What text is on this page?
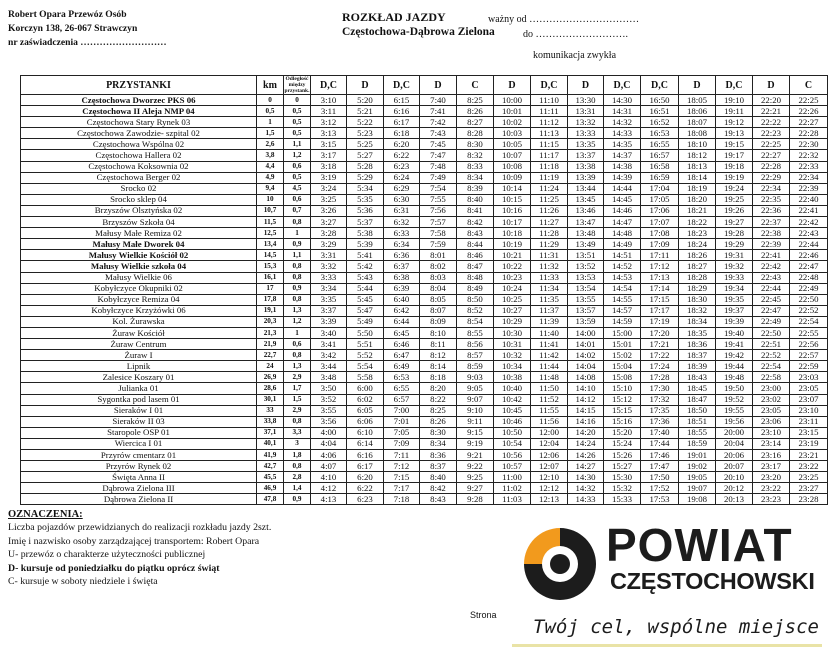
Robert Opara Przewóz Osób
Korczyn 138, 26-067 Strawczyn
nr zaświadczenia ………………………
ROZKŁAD JAZDY
Częstochowa-Dąbrowa Zielona
ważny od ……………………………
do ……………………….
komunikacja zwykła
PRZYSTANKI	km	Odległość między przystank.	D,C	D	D,C	D	C	D	D,C	D	D,C	D,C	D	D,C	D	C
Częstochowa Dworzec PKS 06	0	0	3:10	5:20	6:15	7:40	8:25	10:00	11:10	13:30	14:30	16:50	18:05	19:10	22:20	22:25
Częstochowa II Aleja NMP 04	0,5	0,5	3:11	5:21	6:16	7:41	8:26	10:01	11:11	13:31	14:31	16:51	18:06	19:11	22:21	22:26
Częstochowa Stary Rynek 03	1	0,5	3:12	5:22	6:17	7:42	8:27	10:02	11:12	13:32	14:32	16:52	18:07	19:12	22:22	22:27
Częstochowa Zawodzie- szpital 02	1,5	0,5	3:13	5:23	6:18	7:43	8:28	10:03	11:13	13:33	14:33	16:53	18:08	19:13	22:23	22:28
Częstochowa Wspólna 02	2,6	1,1	3:15	5:25	6:20	7:45	8:30	10:05	11:15	13:35	14:35	16:55	18:10	19:15	22:25	22:30
Częstochowa Hallera 02	3,8	1,2	3:17	5:27	6:22	7:47	8:32	10:07	11:17	13:37	14:37	16:57	18:12	19:17	22:27	22:32
Częstochowa Koksownia 02	4,4	0,6	3:18	5:28	6:23	7:48	8:33	10:08	11:18	13:38	14:38	16:58	18:13	19:18	22:28	22:33
Częstochowa Berger 02	4,9	0,5	3:19	5:29	6:24	7:49	8:34	10:09	11:19	13:39	14:39	16:59	18:14	19:19	22:29	22:34
Srocko 02	9,4	4,5	3:24	5:34	6:29	7:54	8:39	10:14	11:24	13:44	14:44	17:04	18:19	19:24	22:34	22:39
Srocko sklep 04	10	0,6	3:25	5:35	6:30	7:55	8:40	10:15	11:25	13:45	14:45	17:05	18:20	19:25	22:35	22:40
Brzyszów Olsztyńska 02	10,7	0,7	3:26	5:36	6:31	7:56	8:41	10:16	11:26	13:46	14:46	17:06	18:21	19:26	22:36	22:41
Brzyszów Szkoła 04	11,5	0,8	3:27	5:37	6:32	7:57	8:42	10:17	11:27	13:47	14:47	17:07	18:22	19:27	22:37	22:42
Małusy Małe Remiza 02	12,5	1	3:28	5:38	6:33	7:58	8:43	10:18	11:28	13:48	14:48	17:08	18:23	19:28	22:38	22:43
Małusy Małe Dworek 04	13,4	0,9	3:29	5:39	6:34	7:59	8:44	10:19	11:29	13:49	14:49	17:09	18:24	19:29	22:39	22:44
Małusy Wielkie Kościół 02	14,5	1,1	3:31	5:41	6:36	8:01	8:46	10:21	11:31	13:51	14:51	17:11	18:26	19:31	22:41	22:46
Małusy Wielkie szkoła 04	15,3	0,8	3:32	5:42	6:37	8:02	8:47	10:22	11:32	13:52	14:52	17:12	18:27	19:32	22:42	22:47
Małusy Wielkie 06	16,1	0,8	3:33	5:43	6:38	8:03	8:48	10:23	11:33	13:53	14:53	17:13	18:28	19:33	22:43	22:48
Kobyłczyce Okupniki 02	17	0,9	3:34	5:44	6:39	8:04	8:49	10:24	11:34	13:54	14:54	17:14	18:29	19:34	22:44	22:49
Kobyłczyce Remiza 04	17,8	0,8	3:35	5:45	6:40	8:05	8:50	10:25	11:35	13:55	14:55	17:15	18:30	19:35	22:45	22:50
Kobyłczyce Krzyżówki 06	19,1	1,3	3:37	5:47	6:42	8:07	8:52	10:27	11:37	13:57	14:57	17:17	18:32	19:37	22:47	22:52
Kol. Żurawska	20,3	1,2	3:39	5:49	6:44	8:09	8:54	10:29	11:39	13:59	14:59	17:19	18:34	19:39	22:49	22:54
Żuraw Kościół	21,3	1	3:40	5:50	6:45	8:10	8:55	10:30	11:40	14:00	15:00	17:20	18:35	19:40	22:50	22:55
Żuraw Centrum	21,9	0,6	3:41	5:51	6:46	8:11	8:56	10:31	11:41	14:01	15:01	17:21	18:36	19:41	22:51	22:56
Żuraw I	22,7	0,8	3:42	5:52	6:47	8:12	8:57	10:32	11:42	14:02	15:02	17:22	18:37	19:42	22:52	22:57
Lipnik	24	1,3	3:44	5:54	6:49	8:14	8:59	10:34	11:44	14:04	15:04	17:24	18:39	19:44	22:54	22:59
Zalesice Koszary 01	26,9	2,9	3:48	5:58	6:53	8:18	9:03	10:38	11:48	14:08	15:08	17:28	18:43	19:48	22:58	23:03
Julianka 01	28,6	1,7	3:50	6:00	6:55	8:20	9:05	10:40	11:50	14:10	15:10	17:30	18:45	19:50	23:00	23:05
Sygontka pod lasem 01	30,1	1,5	3:52	6:02	6:57	8:22	9:07	10:42	11:52	14:12	15:12	17:32	18:47	19:52	23:02	23:07
Sieraków I 01	33	2,9	3:55	6:05	7:00	8:25	9:10	10:45	11:55	14:15	15:15	17:35	18:50	19:55	23:05	23:10
Sieraków II 03	33,8	0,8	3:56	6:06	7:01	8:26	9:11	10:46	11:56	14:16	15:16	17:36	18:51	19:56	23:06	23:11
Staropole OSP 01	37,1	3,3	4:00	6:10	7:05	8:30	9:15	10:50	12:00	14:20	15:20	17:40	18:55	20:00	23:10	23:15
Wiercica I 01	40,1	3	4:04	6:14	7:09	8:34	9:19	10:54	12:04	14:24	15:24	17:44	18:59	20:04	23:14	23:19
Przyrów cmentarz 01	41,9	1,8	4:06	6:16	7:11	8:36	9:21	10:56	12:06	14:26	15:26	17:46	19:01	20:06	23:16	23:21
Przyrów Rynek 02	42,7	0,8	4:07	6:17	7:12	8:37	9:22	10:57	12:07	14:27	15:27	17:47	19:02	20:07	23:17	23:22
Święta Anna II	45,5	2,8	4:10	6:20	7:15	8:40	9:25	11:00	12:10	14:30	15:30	17:50	19:05	20:10	23:20	23:25
Dąbrowa Zielona III	46,9	1,4	4:12	6:22	7:17	8:42	9:27	11:02	12:12	14:32	15:32	17:52	19:07	20:12	23:22	23:27
Dąbrowa Zielona II	47,8	0,9	4:13	6:23	7:18	8:43	9:28	11:03	12:13	14:33	15:33	17:53	19:08	20:13	23:23	23:28
OZNACZENIA:
Liczba pojazdów przewidzianych do realizacji rozkładu jazdy 2szt.
Imię i nazwisko osoby zarządzającej transportem: Robert Opara
U- przewóz o charakterze użyteczności publicznej
D- kursuje od poniedziałku do piątku oprócz świąt
C- kursuje w soboty niedziele i święta
POWIAT
CZĘSTOCHOWSKI
Strona
Twój cel, wspólne miejsce
